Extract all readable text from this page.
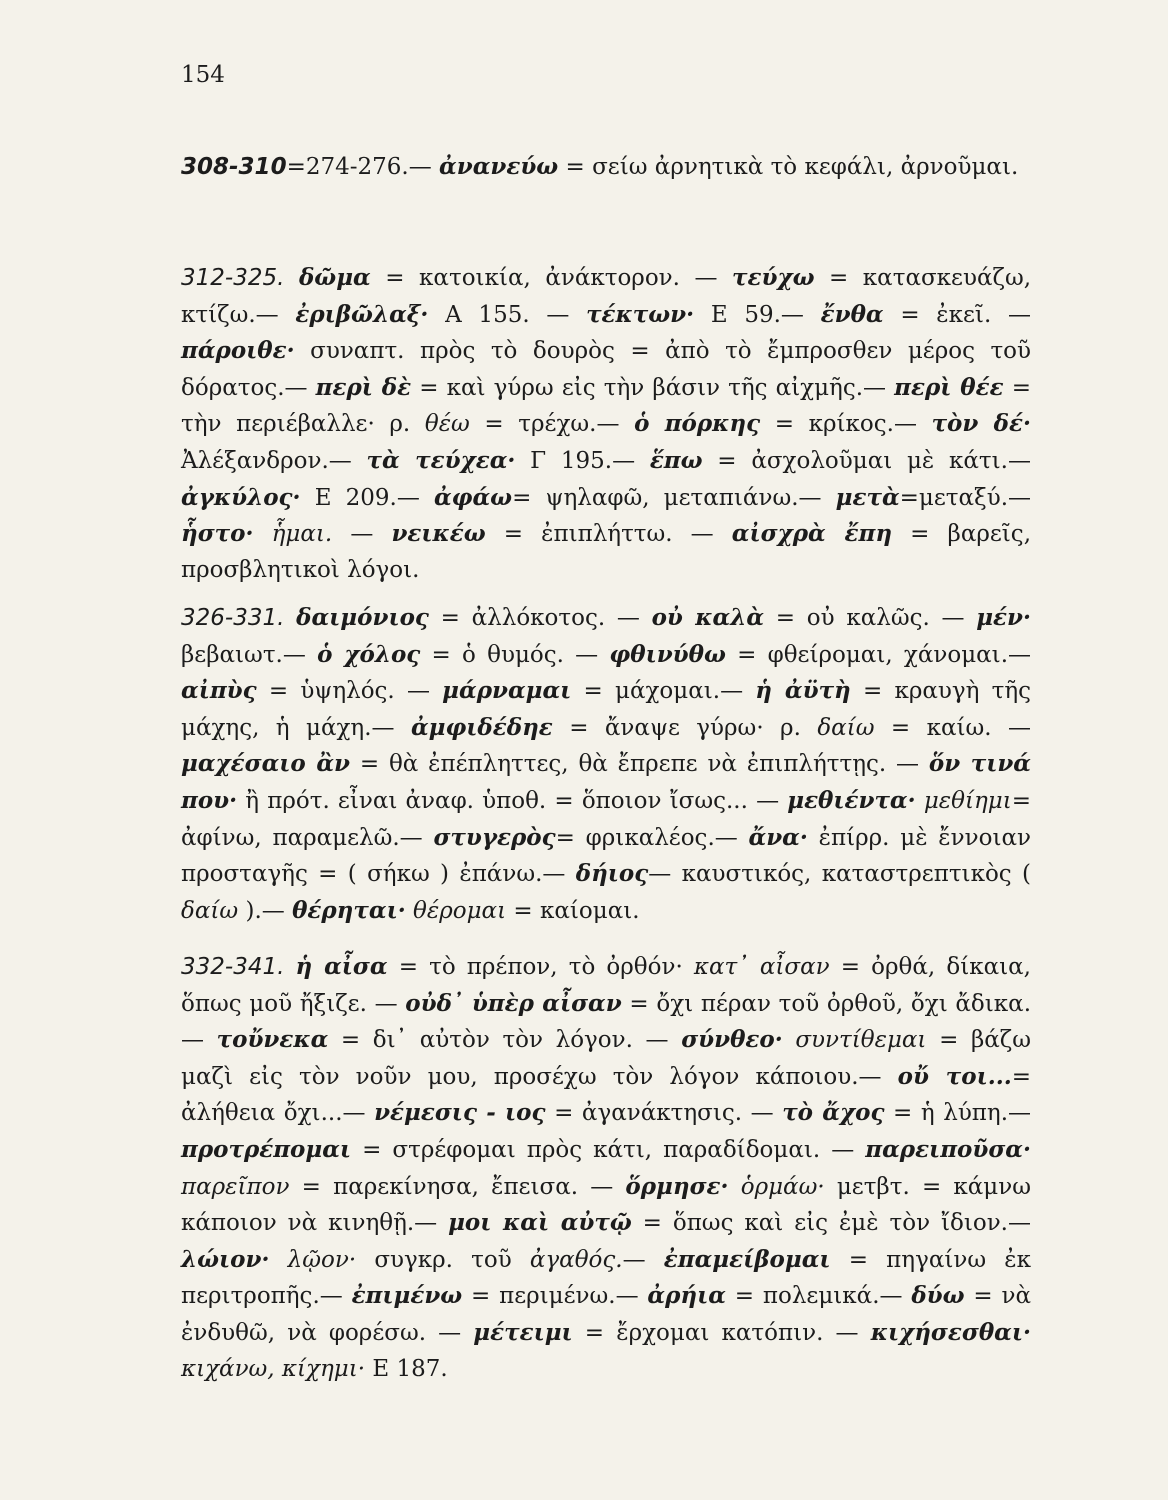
154

308-310=274-276.— ἀνανεύω = σείω ἀρνητικὰ τὸ κεφάλι, ἀρνοῦμαι.

312-325. δῶμα = κατοικία, ἀνάκτορον. — τεύχω = κατασκευάζω, κτίζω.— ἐριβῶλαξ· Α 155. — τέκτων· Ε 59.— ἔνθα = ἐκεῖ. — πάροιθε· συναπτ. πρὸς τὸ δουρὸς = ἀπὸ τὸ ἔμπροσθεν μέρος τοῦ δόρατος.— περὶ δὲ = καὶ γύρω εἰς τὴν βάσιν τῆς αἰχμῆς.— περὶ θέε = τὴν περιέβαλλε· ρ. θέω = τρέχω.— ὁ πόρκης = κρίκος.— τὸν δέ· Ἀλέξανδρον.— τὰ τεύχεα· Γ 195.— ἕπω = ἀσχολοῦμαι μὲ κάτι.— ἀγκύλος· Ε 209.— ἀφάω= ψηλαφῶ, μεταπιάνω.— μετὰ=μεταξύ.— ἧστο· ἧμαι. — νεικέω = ἐπιπλήττω. — αἰσχρὰ ἔπη = βαρεῖς, προσβλητικοὶ λόγοι.

326-331. δαιμόνιος = ἀλλόκοτος. — οὐ καλὰ = οὐ καλῶς. — μέν· βεβαιωτ.— ὁ χόλος = ὁ θυμός. — φθινύθω = φθείρομαι, χάνομαι.— αἰπὺς = ὑψηλός. — μάρναμαι = μάχομαι.— ἡ ἀϋτὴ = κραυγὴ τῆς μάχης, ἡ μάχη.— ἀμφιδέδηε = ἄναψε γύρω· ρ. δαίω = καίω. — μαχέσαιο ἂν = θὰ ἐπέπληττες, θὰ ἔπρεπε νὰ ἐπιπλήττῃς. — ὅν τινά που· ἢ πρότ. εἶναι ἀναφ. ὑποθ. = ὅποιον ἴσως... — μεθιέντα· μεθίημι= ἀφίνω, παραμελῶ.— στυγερὸς= φρικαλέος.— ἄνα· ἐπίρρ. μὲ ἔννοιαν προσταγῆς = ( σήκω ) ἐπάνω.— δήιος— καυστικός, καταστρεπτικὸς ( δαίω ).— θέρηται· θέρομαι = καίομαι.

332-341. ἡ αἶσα = τὸ πρέπον, τὸ ὀρθόν· κατ᾽ αἶσαν = ὀρθά, δίκαια, ὅπως μοῦ ἤξιζε. — οὐδ᾽ ὑπὲρ αἶσαν = ὄχι πέραν τοῦ ὀρθοῦ, ὄχι ἄδικα.— τοὔνεκα = δι᾽ αὐτὸν τὸν λόγον. — σύνθεο· συντίθεμαι = βάζω μαζὶ εἰς τὸν νοῦν μου, προσέχω τὸν λόγον κάποιου.— οὔ τοι...= ἀλήθεια ὄχι...— νέμεσις - ιος = ἀγανάκτησις. — τὸ ἄχος = ἡ λύπη.— προτρέπομαι = στρέφομαι πρὸς κάτι, παραδίδομαι. — παρειποῦσα· παρεῖπον = παρεκίνησα, ἔπεισα. — ὅρμησε· ὁρμάω· μετβτ. = κάμνω κάποιον νὰ κινηθῇ.— μοι καὶ αὐτῷ = ὅπως καὶ εἰς ἐμὲ τὸν ἴδιον.— λώιον· λῷον· συγκρ. τοῦ ἀγαθός.— ἐπαμείβομαι = πηγαίνω ἐκ περιτροπῆς.— ἐπιμένω = περιμένω.— ἀρήια = πολεμικά.— δύω = νὰ ἐνδυθῶ, νὰ φορέσω. — μέτειμι = ἔρχομαι κατόπιν. — κιχήσεσθαι· κιχάνω, κίχημι· Ε 187.
